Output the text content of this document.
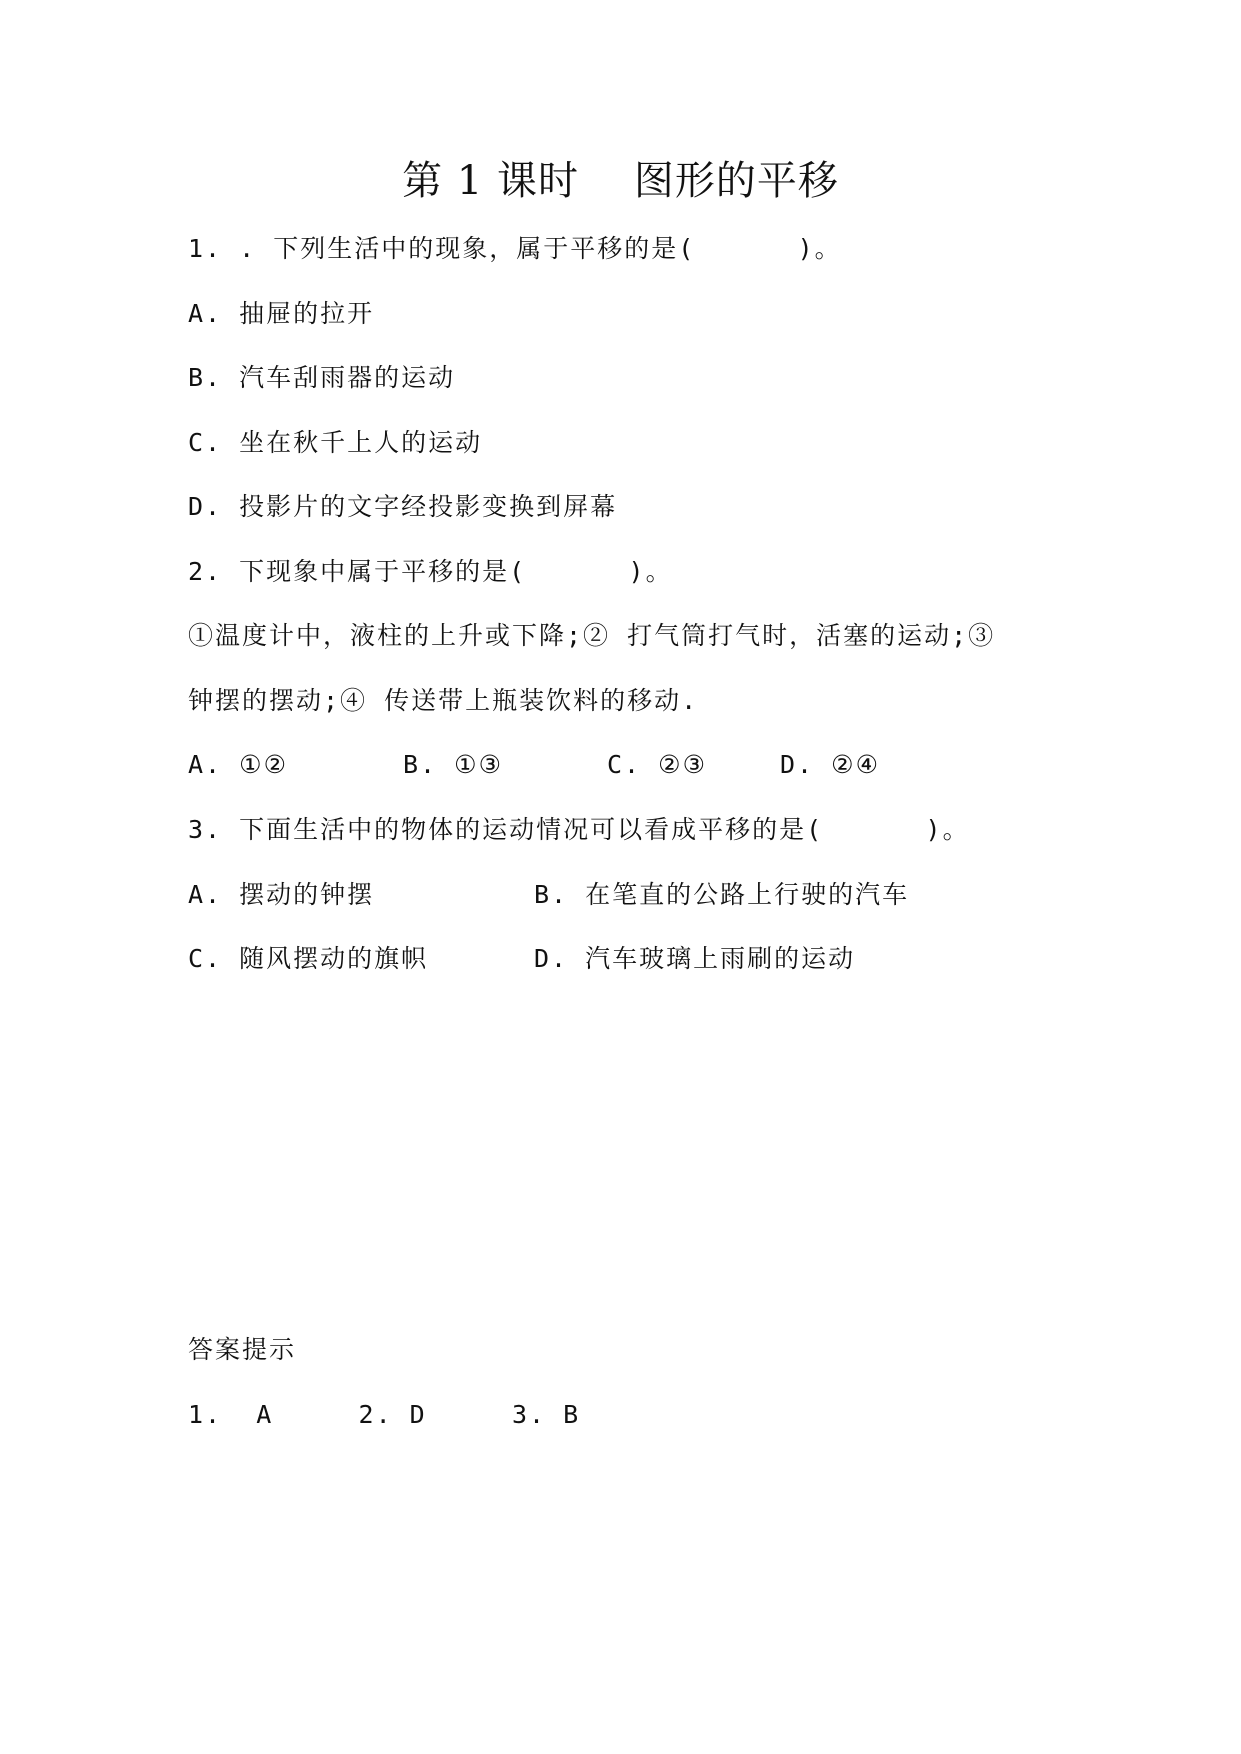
第 1 课时    图形的平移
1. . 下列生活中的现象，属于平移的是(      )。
A. 抽屉的拉开
B. 汽车刮雨器的运动
C. 坐在秋千上人的运动
D. 投影片的文字经投影变换到屏幕
2. 下现象中属于平移的是(      )。
①温度计中，液柱的上升或下降;② 打气筒打气时，活塞的运动;③
钟摆的摆动;④ 传送带上瓶装饮料的移动.
A. ①②	B. ①③	C. ②③	D. ②④
3. 下面生活中的物体的运动情况可以看成平移的是(      )。
A. 摆动的钟摆	B. 在笔直的公路上行驶的汽车
C. 随风摆动的旗帜	D. 汽车玻璃上雨刷的运动
答案提示
1.  A     2. D     3. B
